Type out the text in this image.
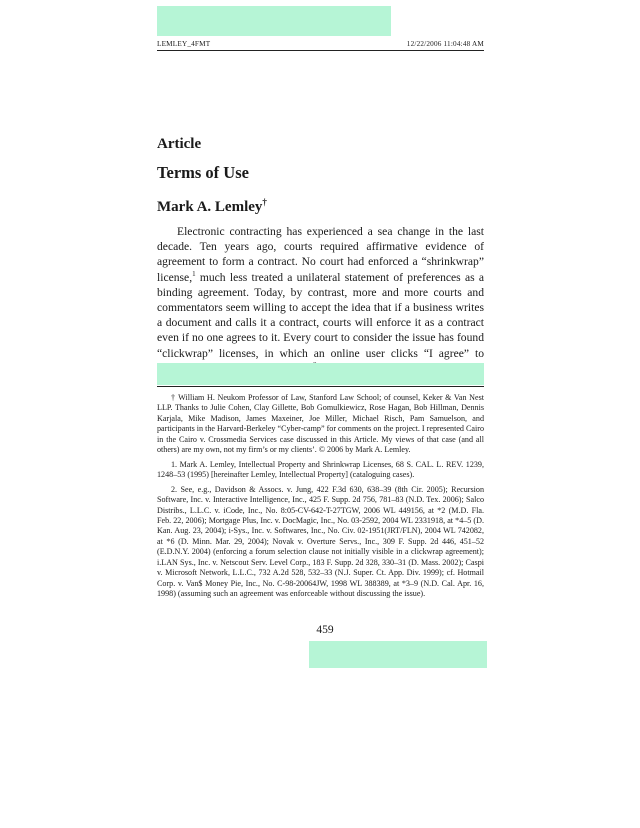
LEMLEY_4FMT	12/22/2006 11:04:48 AM
Article
Terms of Use
Mark A. Lemley†

Electronic contracting has experienced a sea change in the last decade. Ten years ago, courts required affirmative evidence of agreement to form a contract. No court had enforced a “shrinkwrap” license,$^1$ much less treated a unilateral statement of preferences as a binding agreement. Today, by contrast, more and more courts and commentators seem willing to accept the idea that if a business writes a document and calls it a contract, courts will enforce it as a contract even if no one agrees to it. Every court to consider the issue has found “clickwrap” licenses, in which an online user clicks “I agree” to

† William H. Neukom Professor of Law, Stanford Law School; of counsel, Keker & Van Nest LLP. Thanks to Julie Cohen, Clay Gillette, Bob Gomulkiewicz, Rose Hagan, Bob Hillman, Dennis Karjala, Mike Madison, James Maxeiner, Joe Miller, Michael Risch, Pam Samuelson, and participants in the Harvard-Berkeley “Cyber-camp” for comments on the project. I represented Cairo in the Cairo v. Crossmedia Services case discussed in this Article. My views of that case (and all others) are my own, not my firm’s or my clients’. © 2006 by Mark A. Lemley.

1. Mark A. Lemley, Intellectual Property and Shrinkwrap Licenses, 68 S. CAL. L. REV. 1239, 1248–53 (1995) [hereinafter Lemley, Intellectual Property] (cataloguing cases).

2. See, e.g., Davidson & Assocs. v. Jung, 422 F.3d 630, 638–39 (8th Cir. 2005); Recursion Software, Inc. v. Interactive Intelligence, Inc., 425 F. Supp. 2d 756, 781–83 (N.D. Tex. 2006); Salco Distribs., L.L.C. v. iCode, Inc., No. 8:05-CV-642-T-27TGW, 2006 WL 449156, at *2 (M.D. Fla. Feb. 22, 2006); Mortgage Plus, Inc. v. DocMagic, Inc., No. 03-2592, 2004 WL 2331918, at *4–5 (D. Kan. Aug. 23, 2004); i-Sys., Inc. v. Softwares, Inc., No. Civ. 02-1951(JRT/FLN), 2004 WL 742082, at *6 (D. Minn. Mar. 29, 2004); Novak v. Overture Servs., Inc., 309 F. Supp. 2d 446, 451–52 (E.D.N.Y. 2004) (enforcing a forum selection clause not initially visible in a clickwrap agreement); i.LAN Sys., Inc. v. Netscout Serv. Level Corp., 183 F. Supp. 2d 328, 330–31 (D. Mass. 2002); Caspi v. Microsoft Network, L.L.C., 732 A.2d 528, 532–33 (N.J. Super. Ct. App. Div. 1999); cf. Hotmail Corp. v. Van$ Money Pie, Inc., No. C-98-20064JW, 1998 WL 388389, at *3–9 (N.D. Cal. Apr. 16, 1998) (assuming such an agreement was enforceable without discussing the issue).

459
